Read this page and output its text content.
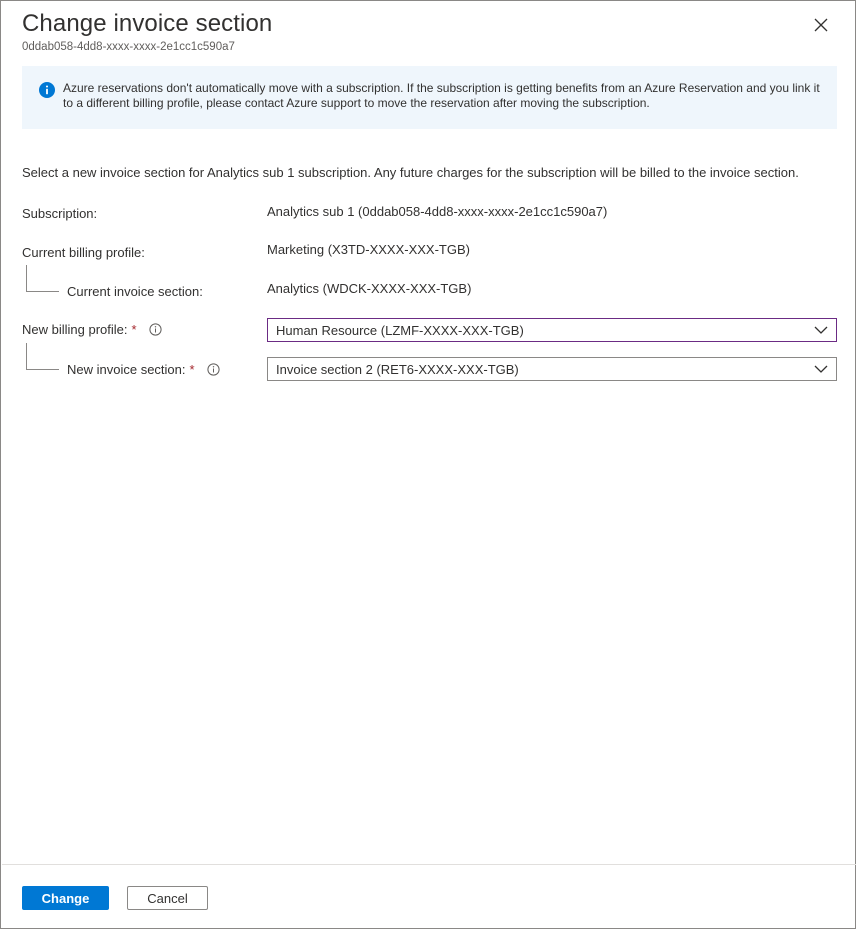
Change invoice section
0ddab058-4dd8-xxxx-xxxx-2e1cc1c590a7
Azure reservations don't automatically move with a subscription. If the subscription is getting benefits from an Azure Reservation and you link it to a different billing profile, please contact Azure support to move the reservation after moving the subscription.
Select a new invoice section for Analytics sub 1 subscription. Any future charges for the subscription will be billed to the invoice section.
Subscription:	Analytics sub 1 (0ddab058-4dd8-xxxx-xxxx-2e1cc1c590a7)
Current billing profile:	Marketing (X3TD-XXXX-XXX-TGB)
Current invoice section:	Analytics (WDCK-XXXX-XXX-TGB)
New billing profile: *	Human Resource (LZMF-XXXX-XXX-TGB)
New invoice section: *	Invoice section 2 (RET6-XXXX-XXX-TGB)
Change	Cancel
